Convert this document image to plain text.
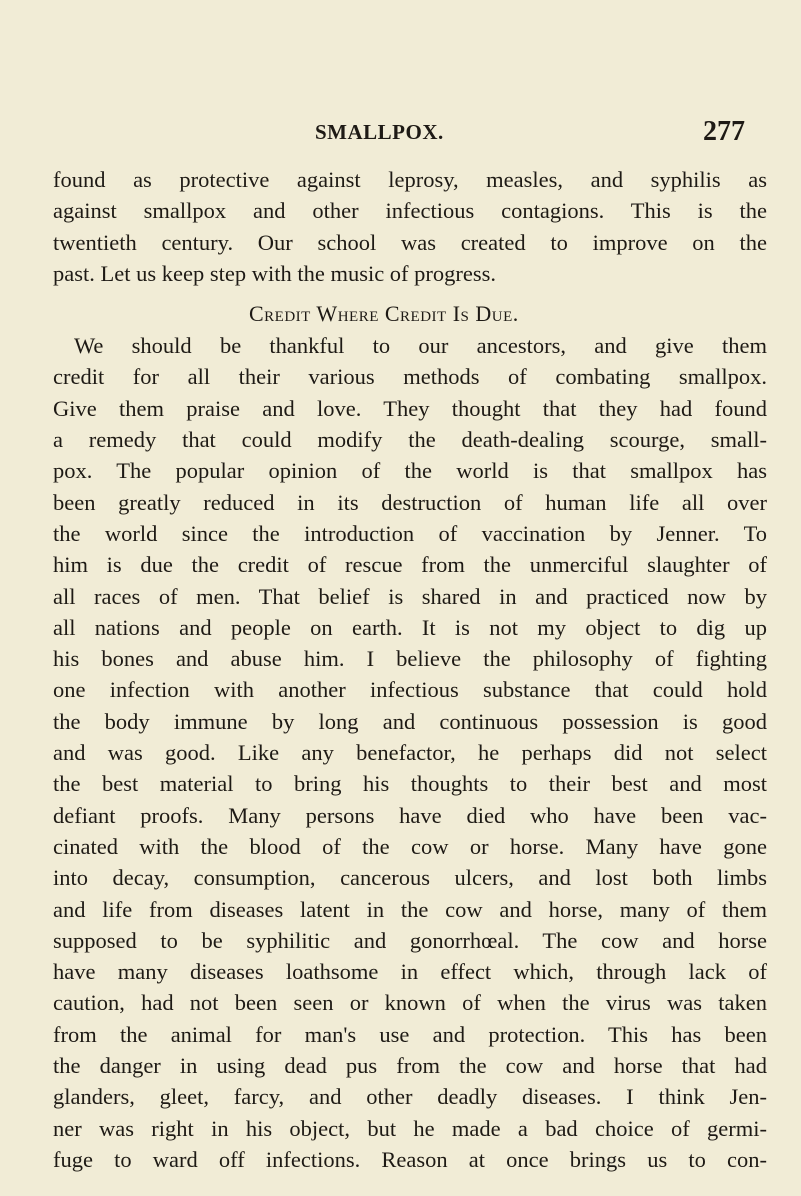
SMALLPOX.	277
found as protective against leprosy, measles, and syphilis as
against smallpox and other infectious contagions. This is the
twentieth century. Our school was created to improve on the
past. Let us keep step with the music of progress.
Credit Where Credit Is Due.
We should be thankful to our ancestors, and give them
credit for all their various methods of combating smallpox.
Give them praise and love. They thought that they had found
a remedy that could modify the death-dealing scourge, small-
pox. The popular opinion of the world is that smallpox has
been greatly reduced in its destruction of human life all over
the world since the introduction of vaccination by Jenner. To
him is due the credit of rescue from the unmerciful slaughter of
all races of men. That belief is shared in and practiced now by
all nations and people on earth. It is not my object to dig up
his bones and abuse him. I believe the philosophy of fighting
one infection with another infectious substance that could hold
the body immune by long and continuous possession is good
and was good. Like any benefactor, he perhaps did not select
the best material to bring his thoughts to their best and most
defiant proofs. Many persons have died who have been vac-
cinated with the blood of the cow or horse. Many have gone
into decay, consumption, cancerous ulcers, and lost both limbs
and life from diseases latent in the cow and horse, many of them
supposed to be syphilitic and gonorrhœal. The cow and horse
have many diseases loathsome in effect which, through lack of
caution, had not been seen or known of when the virus was taken
from the animal for man's use and protection. This has been
the danger in using dead pus from the cow and horse that had
glanders, gleet, farcy, and other deadly diseases. I think Jen-
ner was right in his object, but he made a bad choice of germi-
fuge to ward off infections. Reason at once brings us to con-
